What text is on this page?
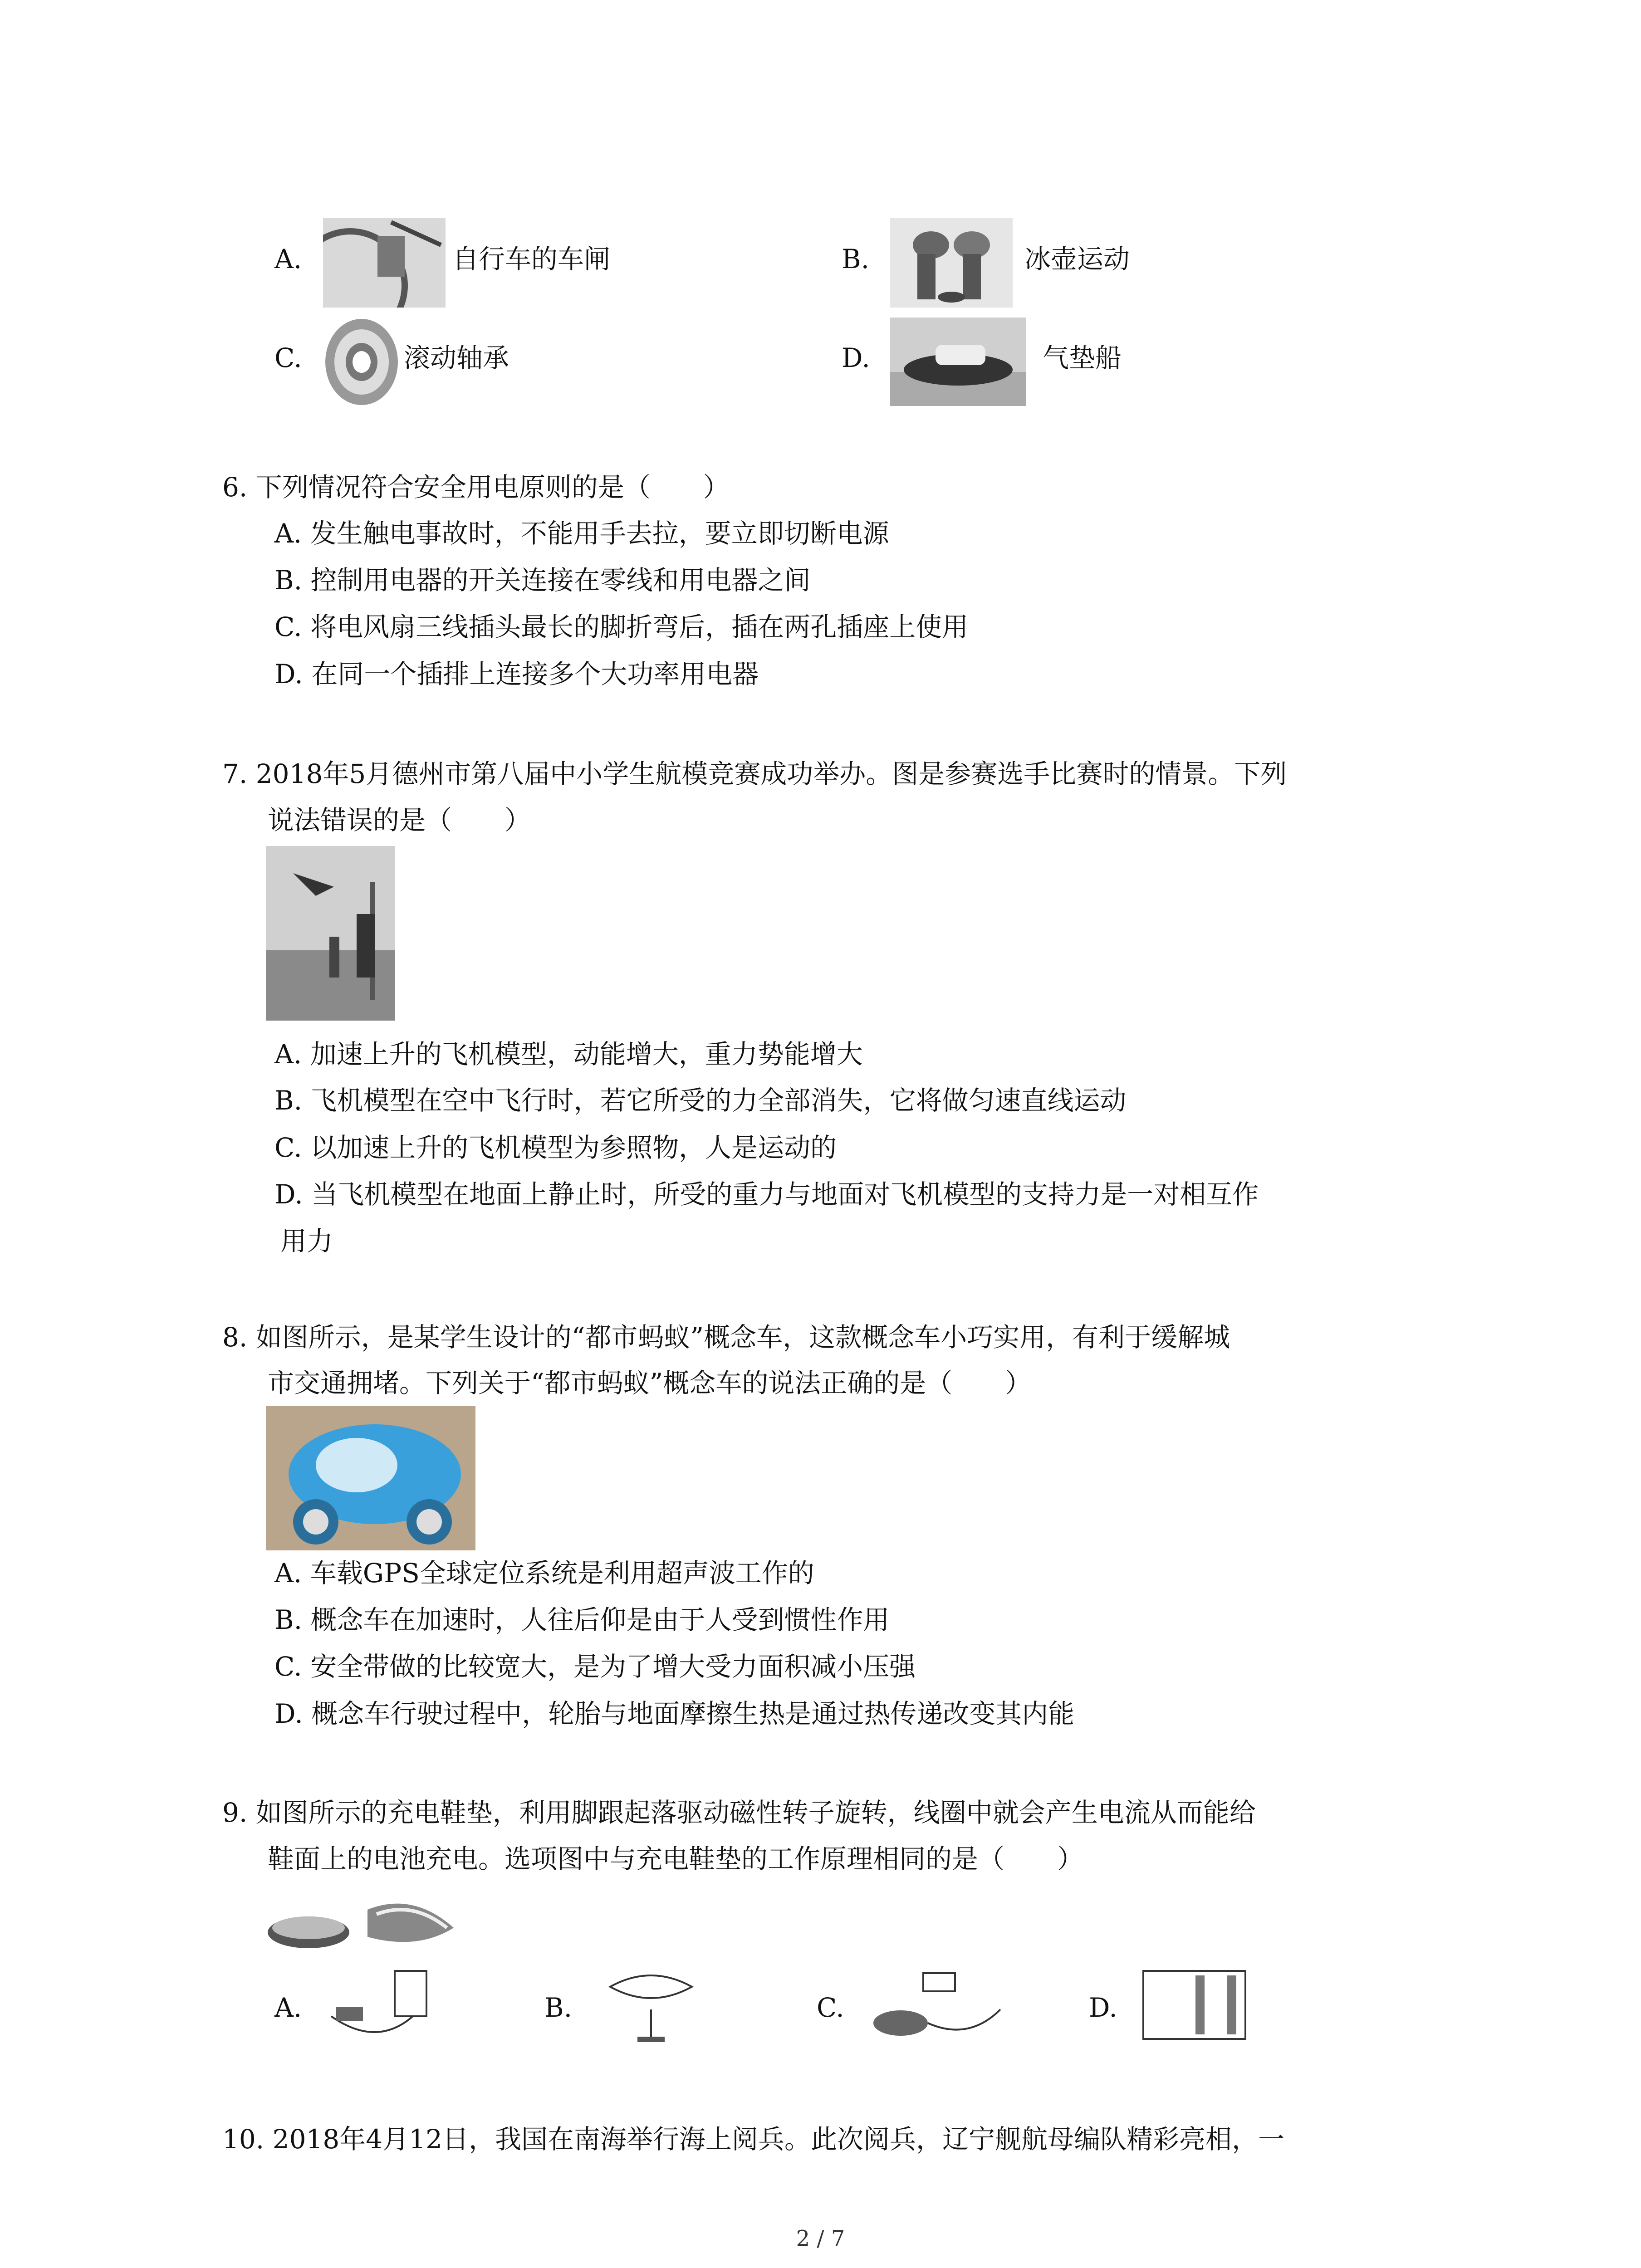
A.	自行车的车闸	B.	冰壶运动
C.	滚动轴承	D.	气垫船
6. 下列情况符合安全用电原则的是（　　）
A. 发生触电事故时，不能用手去拉，要立即切断电源
B. 控制用电器的开关连接在零线和用电器之间
C. 将电风扇三线插头最长的脚折弯后，插在两孔插座上使用
D. 在同一个插排上连接多个大功率用电器
7. 2018年5月德州市第八届中小学生航模竞赛成功举办。图是参赛选手比赛时的情景。下列
说法错误的是（　　）
A. 加速上升的飞机模型，动能增大，重力势能增大
B. 飞机模型在空中飞行时，若它所受的力全部消失，它将做匀速直线运动
C. 以加速上升的飞机模型为参照物，人是运动的
D. 当飞机模型在地面上静止时，所受的重力与地面对飞机模型的支持力是一对相互作
用力
8. 如图所示，是某学生设计的“都市蚂蚁”概念车，这款概念车小巧实用，有利于缓解城
市交通拥堵。下列关于“都市蚂蚁”概念车的说法正确的是（　　）
A. 车载GPS全球定位系统是利用超声波工作的
B. 概念车在加速时，人往后仰是由于人受到惯性作用
C. 安全带做的比较宽大，是为了增大受力面积减小压强
D. 概念车行驶过程中，轮胎与地面摩擦生热是通过热传递改变其内能
9. 如图所示的充电鞋垫，利用脚跟起落驱动磁性转子旋转，线圈中就会产生电流从而能给
鞋面上的电池充电。选项图中与充电鞋垫的工作原理相同的是（　　）
A.	B.	C.	D.
10. 2018年4月12日，我国在南海举行海上阅兵。此次阅兵，辽宁舰航母编队精彩亮相，一
2 / 7
